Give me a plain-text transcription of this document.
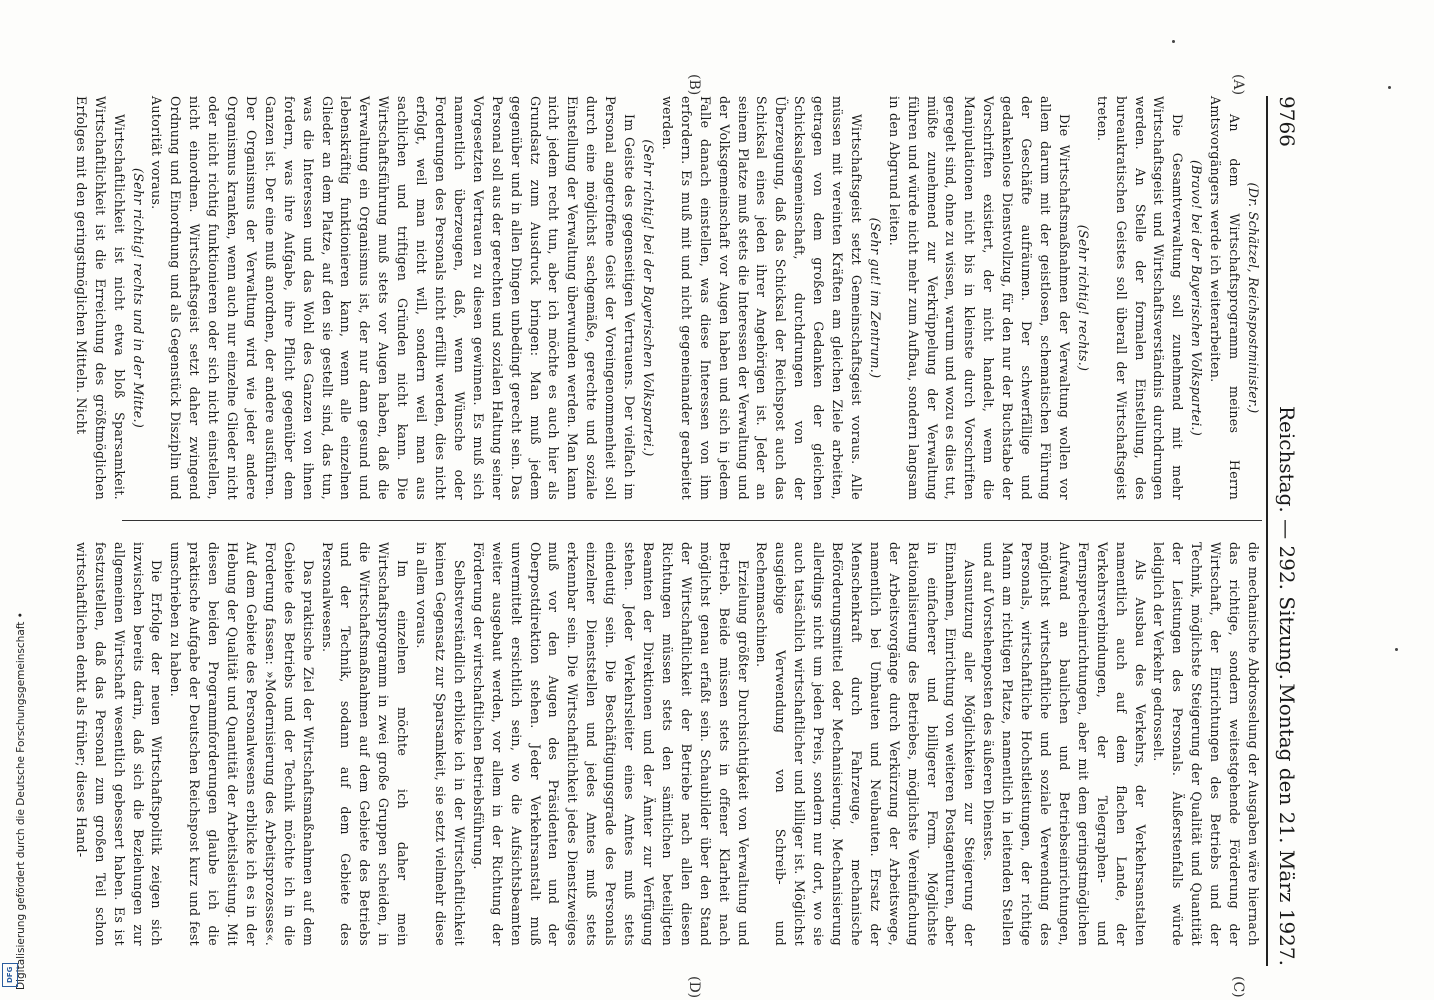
9766
Reichstag. — 292. Sitzung.
Montag den 21. März 1927.

(Dr. Schätzel, Reichspostminister.)

An dem Wirtschaftsprogramm meines Herrn Amtsvorgängers werde ich weiterarbeiten.

(Bravo! bei der Bayerischen Volkspartei.)

Die Gesamtverwaltung soll zunehmend mit mehr Wirtschaftsgeist und Wirtschaftsverständnis durchdrungen werden. An Stelle der formalen Einstellung, des bureaukratischen Geistes soll überall der Wirtschaftsgeist treten.

(Sehr richtig! rechts.)

Die Wirtschaftsmaßnahmen der Verwaltung wollen vor allem darum mit der geistlosen, schematischen Führung der Geschäfte aufräumen. Der schwerfällige und gedankenlose Dienstvollzug, für den nur der Buchstabe der Vorschriften existiert, der nicht handelt, wenn die Manipulationen nicht bis in kleinste durch Vorschriften geregelt sind, ohne zu wissen, warum und wozu es dies tut, müßte zunehmend zur Verkrüppelung der Verwaltung führen und würde nicht mehr zum Aufbau, sondern langsam in den Abgrund leiten.

(Sehr gut! im Zentrum.)

Wirtschaftsgeist setzt Gemeinschaftsgeist voraus. Alle müssen mit vereinten Kräften am gleichen Ziele arbeiten, getragen von dem großen Gedanken der gleichen Schicksalsgemeinschaft, durchdrungen von der Überzeugung, daß das Schicksal der Reichspost auch das Schicksal eines jeden ihrer Angehörigen ist. Jeder an seinem Platze muß stets die Interessen der Verwaltung und der Volksgemeinschaft vor Augen haben und sich in jedem Falle danach einstellen, was diese Interessen von ihm erfordern. Es muß mit und nicht gegeneinander gearbeitet werden.

(Sehr richtig! bei der Bayerischen Volkspartei.)

Im Geiste des gegenseitigen Vertrauens. Der vielfach im Personal angetroffene Geist der Voreingenommenheit soll durch eine möglichst sachgemäße, gerechte und soziale Einstellung der Verwaltung überwunden werden. Man kann nicht jedem recht tun, aber ich möchte es auch hier als Grundsatz zum Ausdruck bringen: Man muß jedem gegenüber und in allen Dingen unbedingt gerecht sein. Das Personal soll aus der gerechten und sozialen Haltung seiner Vorgesetzten Vertrauen zu diesen gewinnen. Es muß sich namentlich überzeugen, daß, wenn Wünsche oder Forderungen des Personals nicht erfüllt werden, dies nicht erfolgt, weil man nicht will, sondern weil man aus sachlichen und triftigen Gründen nicht kann. Die Wirtschaftsführung muß stets vor Augen haben, daß die Verwaltung ein Organismus ist, der nur dann gesund und lebenskräftig funktionieren kann, wenn alle einzelnen Glieder an dem Platze, auf den sie gestellt sind, das tun, was die Interessen und das Wohl des Ganzen von ihnen fordern, was ihre Aufgabe, ihre Pflicht gegenüber dem Ganzen ist. Der eine muß anordnen, der andere ausführen. Der Organismus der Verwaltung wird wie jeder andere Organismus kranken, wenn auch nur einzelne Glieder nicht oder nicht richtig funktionieren oder sich nicht einstellen, nicht einordnen. Wirtschaftsgeist setzt daher zwingend Ordnung und Einordnung und als Gegenstück Disziplin und Autorität voraus.

(Sehr richtig! rechts und in der Mitte.)

Wirtschaftlichkeit ist nicht etwa bloß Sparsamkeit. Wirtschaftlichkeit ist die Erreichung des größtmöglichen Erfolges mit den geringstmöglichen Mitteln. Nicht

die mechanische Abdrosselung der Ausgaben wäre hiernach das richtige, sondern weitestgehende Förderung der Wirtschaft, der Einrichtungen des Betriebs und der Technik, möglichste Steigerung der Qualität und Quantität der Leistungen des Personals. Äußerstenfalls würde lediglich der Verkehr gedrosselt.

Als Ausbau des Verkehrs, der Verkehrsanstalten namentlich auch auf dem flachen Lande, der Verkehrsverbindungen, der Telegraphen- und Fernsprecheinrichtungen, aber mit dem geringstmöglichen Aufwand an baulichen und Betriebseinrichtungen, möglichst wirtschaftliche und soziale Verwendung des Personals, wirtschaftliche Hochstleistungen, der richtige Mann am richtigen Platze, namentlich in leitenden Stellen und auf Vorstehenposten des äußeren Dienstes.

Ausnutzung aller Möglichkeiten zur Steigerung der Einnahmen, Einrichtung von weiteren Postagenturen, aber in einfacherer und billigerer Form. Möglichste Rationalisierung des Betriebes, möglichste Vereinfachung der Arbeitsvorgänge durch Verkürzung der Arbeitswege, namentlich bei Umbauten und Neubauten. Ersatz der Menschenkraft durch Fahrzeuge, mechanische Beförderungsmittel oder Mechanisierung. Mechanisierung allerdings nicht um jeden Preis, sondern nur dort, wo sie auch tatsächlich wirtschaftlicher und billiger ist. Möglichst ausgiebige Verwendung von Schreib- und Rechenmaschinen.

Erzielung größter Durchsichtigkeit von Verwaltung und Betrieb. Beide müssen stets in offener Klarheit nach möglichst genau erfaßt sein. Schaubilder über den Stand der Wirtschaftlichkeit der Betriebe nach allen diesen Richtungen müssen stets den sämtlichen beteiligten Beamten der Direktionen und der Ämter zur Verfügung stehen. Jeder Verkehrsleiter eines Amtes muß stets eindeutig sein. Die Beschäftigungsgrade des Personals einzelner Dienststellen und jedes Amtes muß stets erkennbar sein. Die Wirtschaftlichkeit jedes Dienstzweiges muß vor den Augen des Präsidenten und der Oberpostdirektion stehen. Jeder Verkehrsanstalt muß unvermittelt ersichtlich sein, wo die Aufsichtsbeamten weiter ausgebaut werden, vor allem in der Richtung der Förderung der wirtschaftlichen Betriebsführung.

Selbstverständlich erblicke ich in der Wirtschaftlichkeit keinen Gegensatz zur Sparsamkeit, sie setzt vielmehr diese in allem voraus.

Im einzelnen möchte ich daher mein Wirtschaftsprogramm in zwei große Gruppen scheiden, in die Wirtschaftsmaßnahmen auf dem Gebiete des Betriebs und der Technik, sodann auf dem Gebiete des Personalwesens.

Das praktische Ziel der Wirtschaftsmaßnahmen auf dem Gebiete des Betriebs und der Technik möchte ich in die Forderung fassen: »Modernisierung des Arbeitsprozesses«. Auf dem Gebiete des Personalwesens erblicke ich es in der Hebung der Qualität und Quantität der Arbeitsleistung. Mit diesen beiden Programmforderungen glaube ich die praktische Aufgabe der Deutschen Reichspost kurz und fest umschrieben zu haben.

Die Erfolge der neuen Wirtschaftspolitik zeigen sich inzwischen bereits darin, daß sich die Beziehungen zur allgemeinen Wirtschaft wesentlich gebessert haben. Es ist festzustellen, daß das Personal zum großen Teil schon wirtschaftlichen denkt als früher; dieses Hand-

(A)
(B)
(C)
(D)
Digitalisierung gefördert durch die Deutsche Forschungsgemeinschaft •
DFG
